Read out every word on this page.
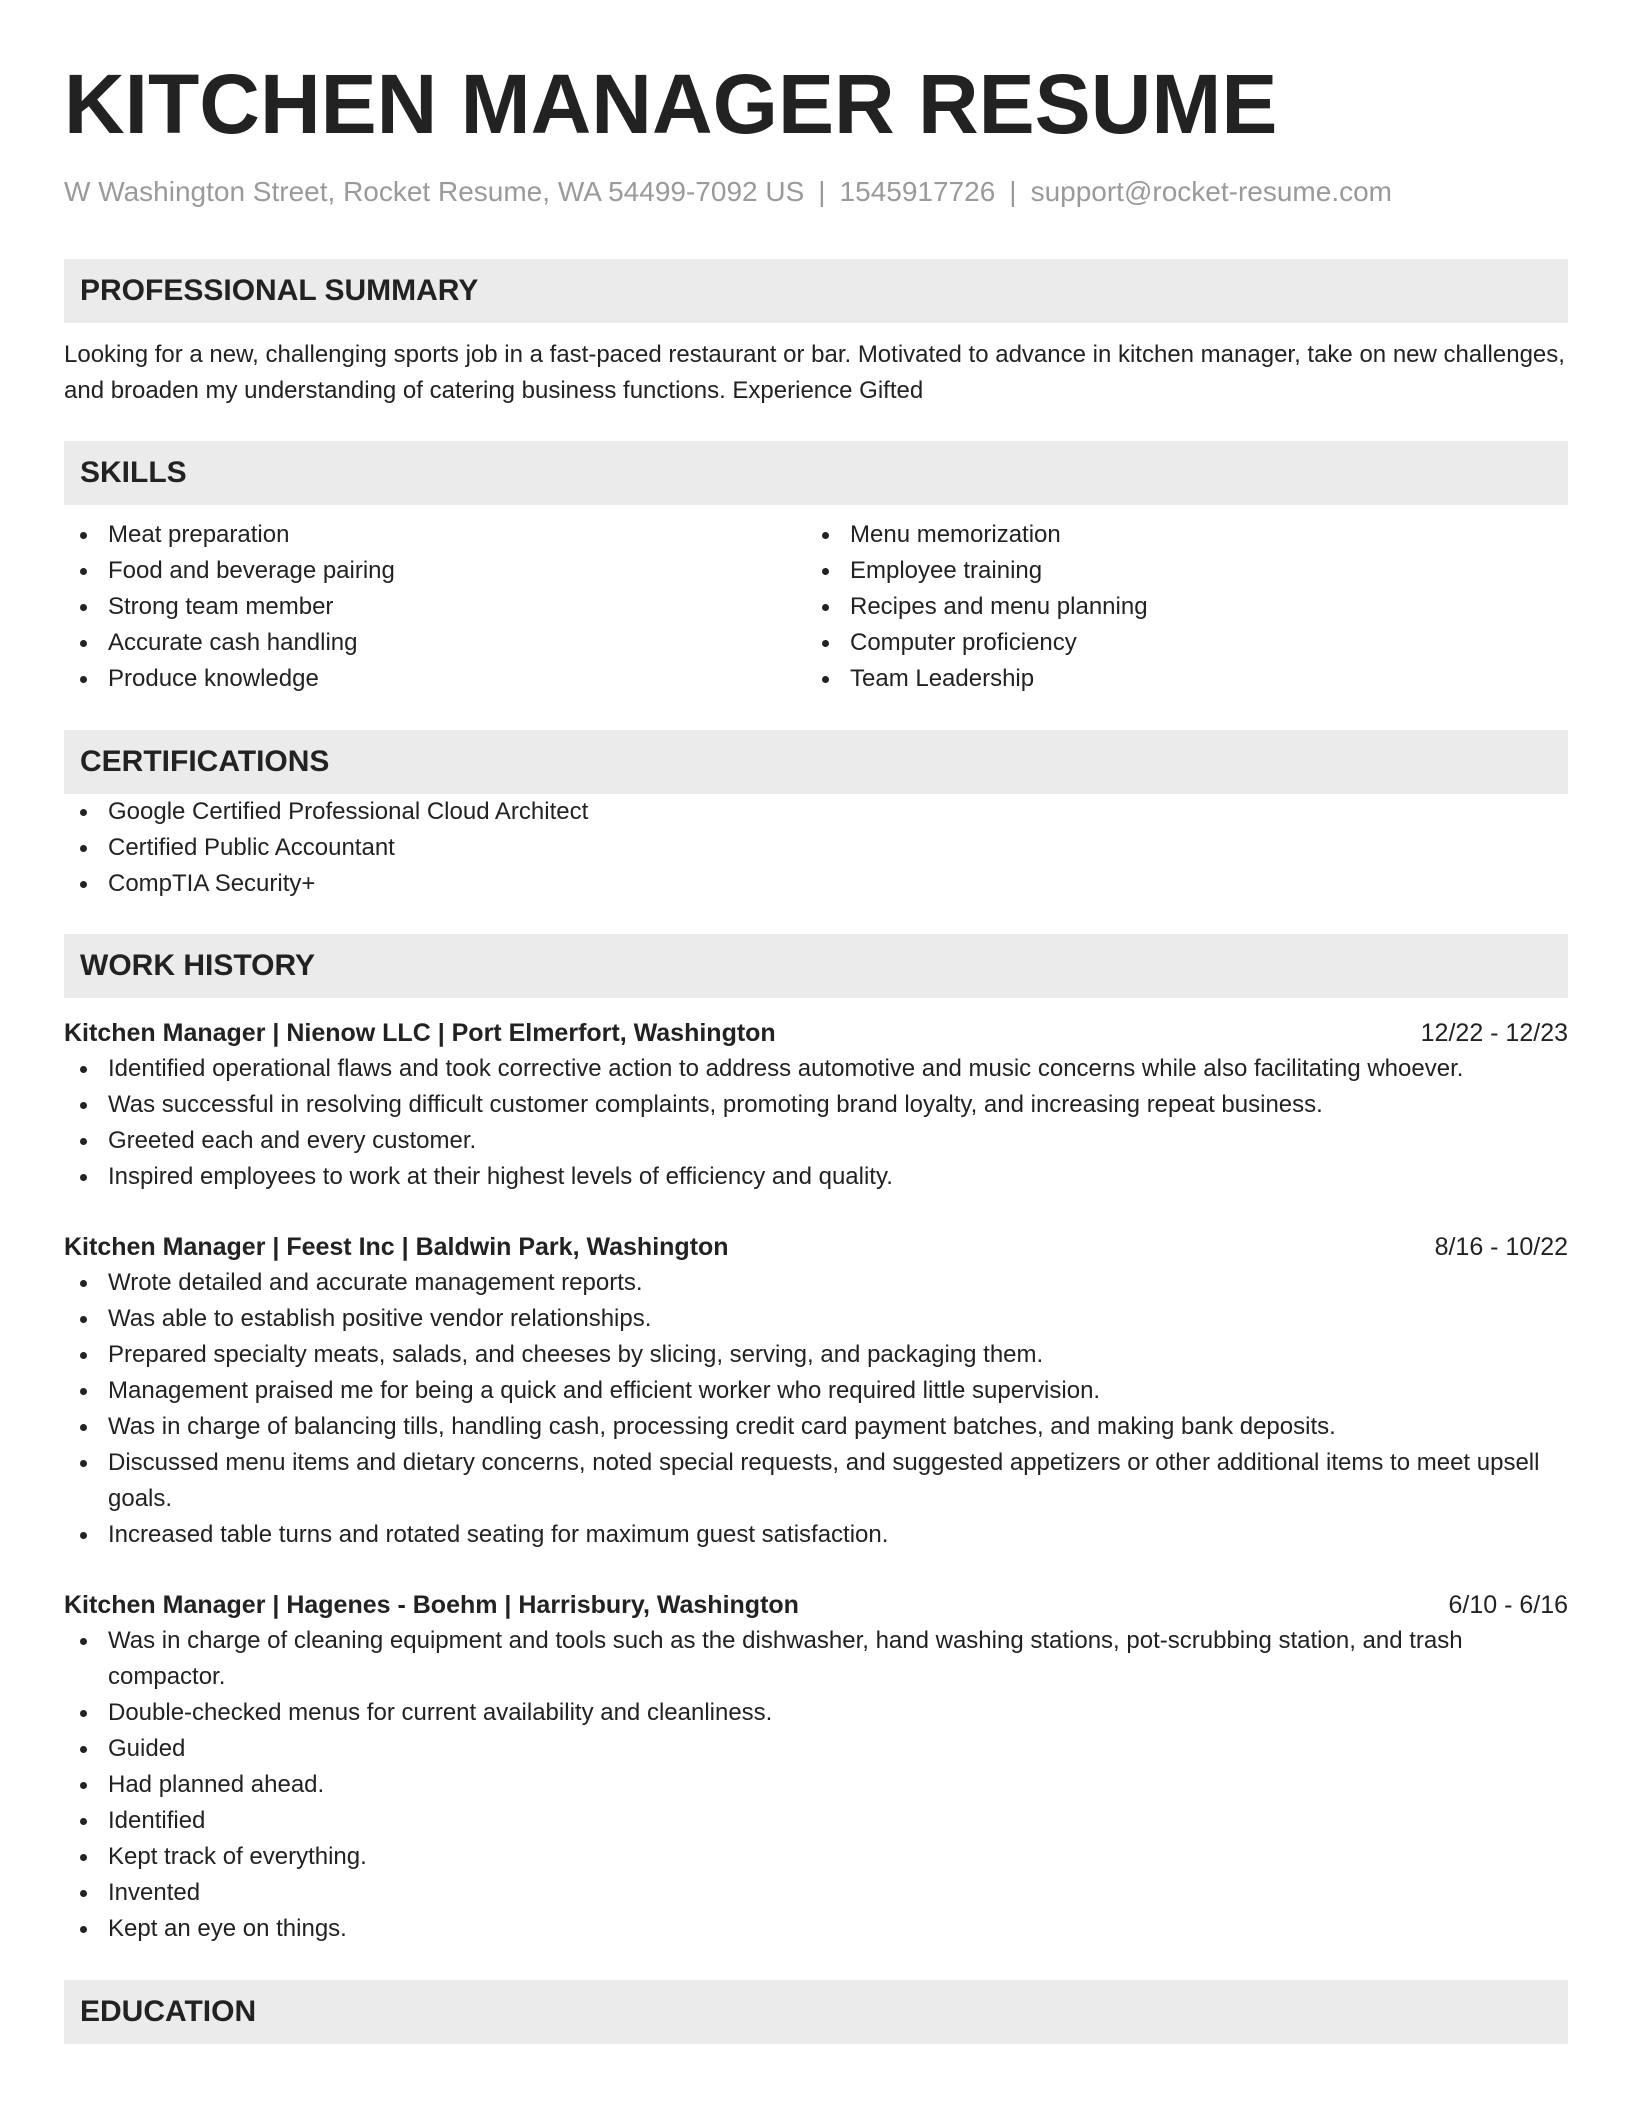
KITCHEN MANAGER RESUME
W Washington Street, Rocket Resume, WA 54499-7092 US | 1545917726 | support@rocket-resume.com
PROFESSIONAL SUMMARY
Looking for a new, challenging sports job in a fast-paced restaurant or bar. Motivated to advance in kitchen manager, take on new challenges, and broaden my understanding of catering business functions. Experience Gifted
SKILLS
Meat preparation
Food and beverage pairing
Strong team member
Accurate cash handling
Produce knowledge
Menu memorization
Employee training
Recipes and menu planning
Computer proficiency
Team Leadership
CERTIFICATIONS
Google Certified Professional Cloud Architect
Certified Public Accountant
CompTIA Security+
WORK HISTORY
Kitchen Manager | Nienow LLC | Port Elmerfort, Washington	12/22 - 12/23
Identified operational flaws and took corrective action to address automotive and music concerns while also facilitating whoever.
Was successful in resolving difficult customer complaints, promoting brand loyalty, and increasing repeat business.
Greeted each and every customer.
Inspired employees to work at their highest levels of efficiency and quality.
Kitchen Manager | Feest Inc | Baldwin Park, Washington	8/16 - 10/22
Wrote detailed and accurate management reports.
Was able to establish positive vendor relationships.
Prepared specialty meats, salads, and cheeses by slicing, serving, and packaging them.
Management praised me for being a quick and efficient worker who required little supervision.
Was in charge of balancing tills, handling cash, processing credit card payment batches, and making bank deposits.
Discussed menu items and dietary concerns, noted special requests, and suggested appetizers or other additional items to meet upsell goals.
Increased table turns and rotated seating for maximum guest satisfaction.
Kitchen Manager | Hagenes - Boehm | Harrisbury, Washington	6/10 - 6/16
Was in charge of cleaning equipment and tools such as the dishwasher, hand washing stations, pot-scrubbing station, and trash compactor.
Double-checked menus for current availability and cleanliness.
Guided
Had planned ahead.
Identified
Kept track of everything.
Invented
Kept an eye on things.
EDUCATION
